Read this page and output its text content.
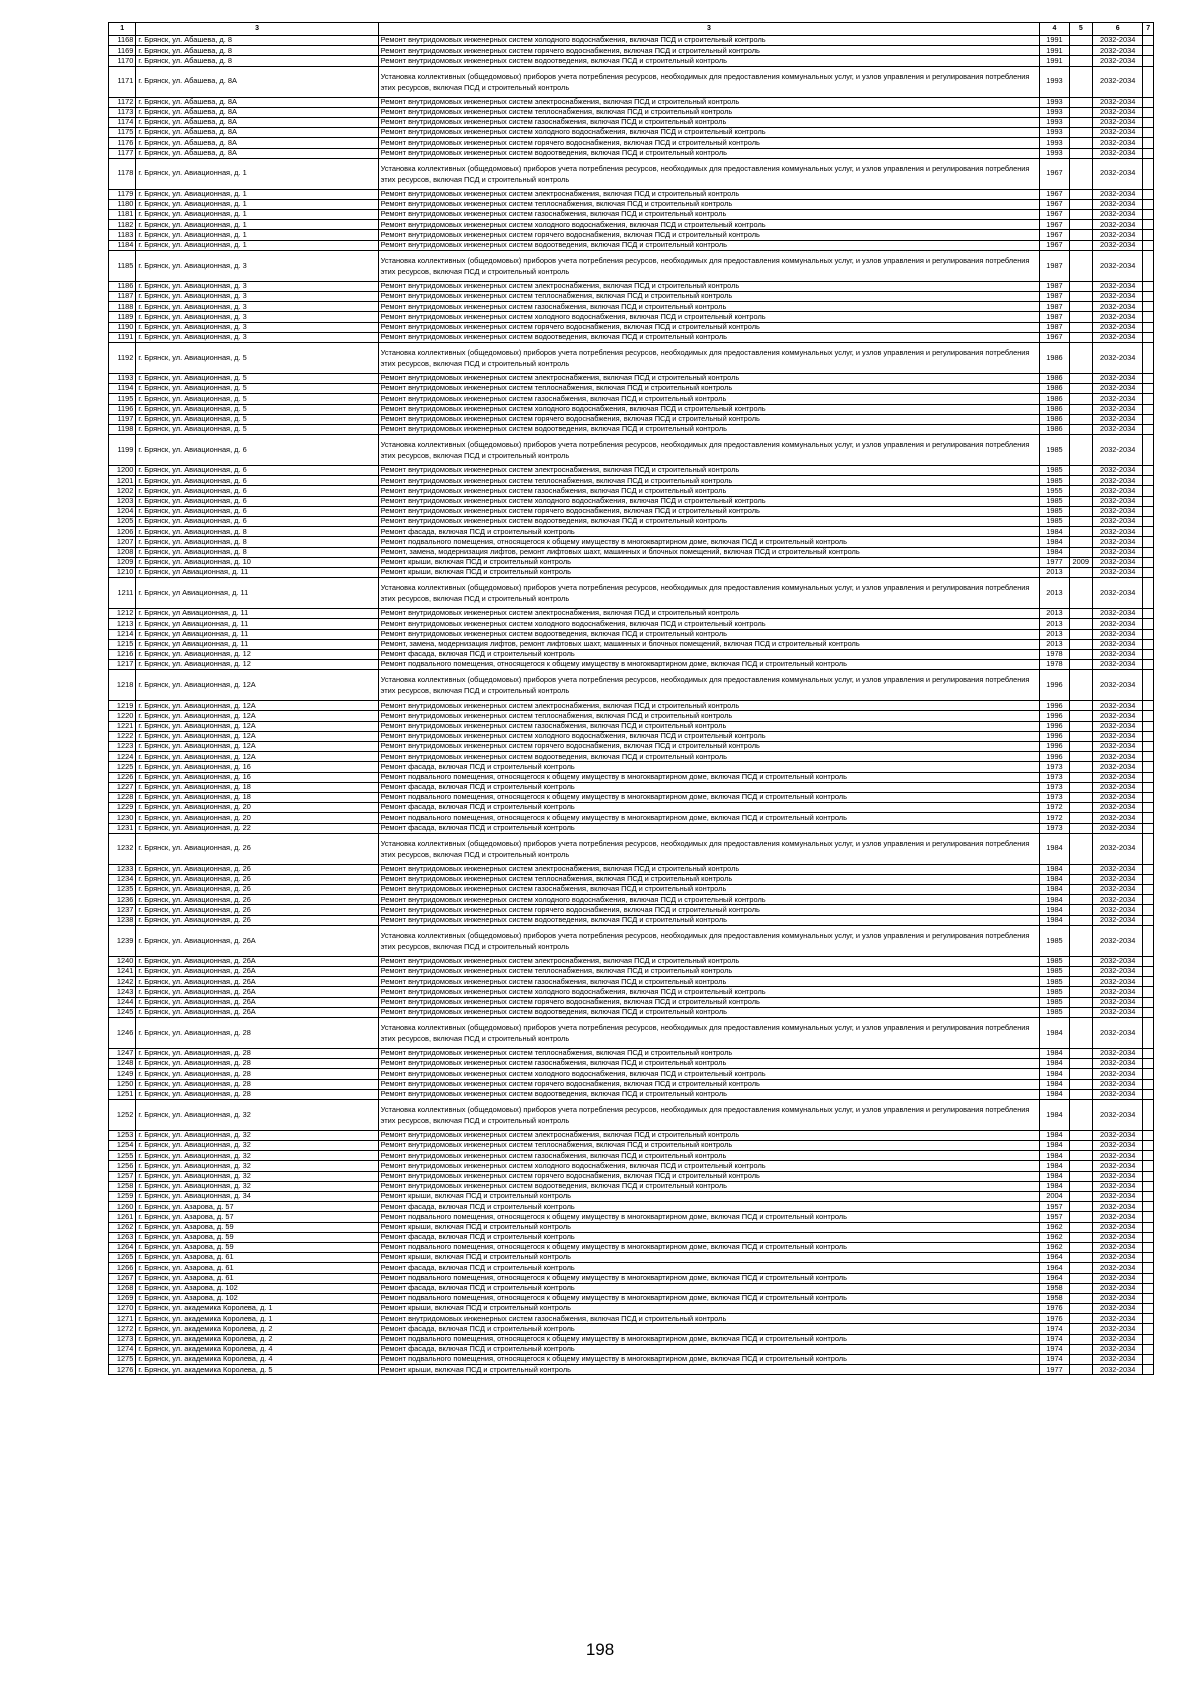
1	3	3	4	5	6	7
1168	г. Брянск, ул. Абашева, д. 8	Ремонт внутридомовых инженерных систем холодного водоснабжения, включая ПСД и строительный контроль	1991		2032-2034	
1169	г. Брянск, ул. Абашева, д. 8	Ремонт внутридомовых инженерных систем горячего водоснабжения, включая ПСД и строительный контроль	1991		2032-2034	
1170	г. Брянск, ул. Абашева, д. 8	Ремонт внутридомовых инженерных систем водоотведения, включая ПСД и строительный контроль	1991		2032-2034	
1171	г. Брянск, ул. Абашева, д. 8А	Установка коллективных (общедомовых) приборов учета потребления ресурсов, необходимых для предоставления коммунальных услуг, и узлов управления и регулирования потребления этих ресурсов, включая ПСД и строительный контроль	1993		2032-2034	
1172	г. Брянск, ул. Абашева, д. 8А	Ремонт внутридомовых инженерных систем электроснабжения, включая ПСД и строительный контроль	1993		2032-2034	
1173	г. Брянск, ул. Абашева, д. 8А	Ремонт внутридомовых инженерных систем теплоснабжения, включая ПСД и строительный контроль	1993		2032-2034	
1174	г. Брянск, ул. Абашева, д. 8А	Ремонт внутридомовых инженерных систем газоснабжения, включая ПСД и строительный контроль	1993		2032-2034	
1175	г. Брянск, ул. Абашева, д. 8А	Ремонт внутридомовых инженерных систем холодного водоснабжения, включая ПСД и строительный контроль	1993		2032-2034	
1176	г. Брянск, ул. Абашева, д. 8А	Ремонт внутридомовых инженерных систем горячего водоснабжения, включая ПСД и строительный контроль	1993		2032-2034	
1177	г. Брянск, ул. Абашева, д. 8А	Ремонт внутридомовых инженерных систем водоотведения, включая ПСД и строительный контроль	1993		2032-2034	
1178	г. Брянск, ул. Авиационная, д. 1	Установка коллективных (общедомовых) приборов учета потребления ресурсов, необходимых для предоставления коммунальных услуг, и узлов управления и регулирования потребления этих ресурсов, включая ПСД и строительный контроль	1967		2032-2034	
1179	г. Брянск, ул. Авиационная, д. 1	Ремонт внутридомовых инженерных систем электроснабжения, включая ПСД и строительный контроль	1967		2032-2034	
1180	г. Брянск, ул. Авиационная, д. 1	Ремонт внутридомовых инженерных систем теплоснабжения, включая ПСД и строительный контроль	1967		2032-2034	
1181	г. Брянск, ул. Авиационная, д. 1	Ремонт внутридомовых инженерных систем газоснабжения, включая ПСД и строительный контроль	1967		2032-2034	
1182	г. Брянск, ул. Авиационная, д. 1	Ремонт внутридомовых инженерных систем холодного водоснабжения, включая ПСД и строительный контроль	1967		2032-2034	
1183	г. Брянск, ул. Авиационная, д. 1	Ремонт внутридомовых инженерных систем горячего водоснабжения, включая ПСД и строительный контроль	1967		2032-2034	
1184	г. Брянск, ул. Авиационная, д. 1	Ремонт внутридомовых инженерных систем водоотведения, включая ПСД и строительный контроль	1967		2032-2034	
1185	г. Брянск, ул. Авиационная, д. 3	Установка коллективных (общедомовых) приборов учета потребления ресурсов, необходимых для предоставления коммунальных услуг, и узлов управления и регулирования потребления этих ресурсов, включая ПСД и строительный контроль	1987		2032-2034	
1186	г. Брянск, ул. Авиационная, д. 3	Ремонт внутридомовых инженерных систем электроснабжения, включая ПСД и строительный контроль	1987		2032-2034	
1187	г. Брянск, ул. Авиационная, д. 3	Ремонт внутридомовых инженерных систем теплоснабжения, включая ПСД и строительный контроль	1987		2032-2034	
1188	г. Брянск, ул. Авиационная, д. 3	Ремонт внутридомовых инженерных систем газоснабжения, включая ПСД и строительный контроль	1987		2032-2034	
1189	г. Брянск, ул. Авиационная, д. 3	Ремонт внутридомовых инженерных систем холодного водоснабжения, включая ПСД и строительный контроль	1987		2032-2034	
1190	г. Брянск, ул. Авиационная, д. 3	Ремонт внутридомовых инженерных систем горячего водоснабжения, включая ПСД и строительный контроль	1987		2032-2034	
1191	г. Брянск, ул. Авиационная, д. 3	Ремонт внутридомовых инженерных систем водоотведения, включая ПСД и строительный контроль	1967		2032-2034	
1192	г. Брянск, ул. Авиационная, д. 5	Установка коллективных (общедомовых) приборов учета потребления ресурсов, необходимых для предоставления коммунальных услуг, и узлов управления и регулирования потребления этих ресурсов, включая ПСД и строительный контроль	1986		2032-2034	
1193	г. Брянск, ул. Авиационная, д. 5	Ремонт внутридомовых инженерных систем электроснабжения, включая ПСД и строительный контроль	1986		2032-2034	
1194	г. Брянск, ул. Авиационная, д. 5	Ремонт внутридомовых инженерных систем теплоснабжения, включая ПСД и строительный контроль	1986		2032-2034	
1195	г. Брянск, ул. Авиационная, д. 5	Ремонт внутридомовых инженерных систем газоснабжения, включая ПСД и строительный контроль	1986		2032-2034	
1196	г. Брянск, ул. Авиационная, д. 5	Ремонт внутридомовых инженерных систем холодного водоснабжения, включая ПСД и строительный контроль	1986		2032-2034	
1197	г. Брянск, ул. Авиационная, д. 5	Ремонт внутридомовых инженерных систем горячего водоснабжения, включая ПСД и строительный контроль	1986		2032-2034	
1198	г. Брянск, ул. Авиационная, д. 5	Ремонт внутридомовых инженерных систем водоотведения, включая ПСД и строительный контроль	1986		2032-2034	
1199	г. Брянск, ул. Авиационная, д. 6	Установка коллективных (общедомовых) приборов учета потребления ресурсов, необходимых для предоставления коммунальных услуг, и узлов управления и регулирования потребления этих ресурсов, включая ПСД и строительный контроль	1985		2032-2034	
1200	г. Брянск, ул. Авиационная, д. 6	Ремонт внутридомовых инженерных систем электроснабжения, включая ПСД и строительный контроль	1985		2032-2034	
1201	г. Брянск, ул. Авиационная, д. 6	Ремонт внутридомовых инженерных систем теплоснабжения, включая ПСД и строительный контроль	1985		2032-2034	
1202	г. Брянск, ул. Авиационная, д. 6	Ремонт внутридомовых инженерных систем газоснабжения, включая ПСД и строительный контроль	1955		2032-2034	
1203	г. Брянск, ул. Авиационная, д. 6	Ремонт внутридомовых инженерных систем холодного водоснабжения, включая ПСД и строительный контроль	1985		2032-2034	
1204	г. Брянск, ул. Авиационная, д. 6	Ремонт внутридомовых инженерных систем горячего водоснабжения, включая ПСД и строительный контроль	1985		2032-2034	
1205	г. Брянск, ул. Авиационная, д. 6	Ремонт внутридомовых инженерных систем водоотведения, включая ПСД и строительный контроль	1985		2032-2034	
1206	г. Брянск, ул. Авиационная, д. 8	Ремонт фасада, включая ПСД и строительный контроль	1984		2032-2034	
1207	г. Брянск, ул. Авиационная, д. 8	Ремонт подвального помещения, относящегося к общему имуществу в многоквартирном доме, включая ПСД и строительный контроль	1984		2032-2034	
1208	г. Брянск, ул. Авиационная, д. 8	Ремонт, замена, модернизация лифтов, ремонт лифтовых шахт, машинных и блочных помещений, включая ПСД и строительный контроль	1984		2032-2034	
1209	г. Брянск, ул. Авиационная, д. 10	Ремонт крыши, включая ПСД и строительный контроль	1977	2009	2032-2034	
1210	г. Брянск, ул Авиационная, д. 11	Ремонт крыши, включая ПСД и строительный контроль	2013		2032-2034	
1211	г. Брянск, ул Авиационная, д. 11	Установка коллективных (общедомовых) приборов учета потребления ресурсов, необходимых для предоставления коммунальных услуг, и узлов управления и регулирования потребления этих ресурсов, включая ПСД и строительный контроль	2013		2032-2034	
1212	г. Брянск, ул Авиационная, д. 11	Ремонт внутридомовых инженерных систем электроснабжения, включая ПСД и строительный контроль	2013		2032-2034	
1213	г. Брянск, ул Авиационная, д. 11	Ремонт внутридомовых инженерных систем холодного водоснабжения, включая ПСД и строительный контроль	2013		2032-2034	
1214	г. Брянск, ул Авиационная, д. 11	Ремонт внутридомовых инженерных систем водоотведения, включая ПСД и строительный контроль	2013		2032-2034	
1215	г. Брянск, ул Авиационная, д. 11	Ремонт, замена, модернизация лифтов, ремонт лифтовых шахт, машинных и блочных помещений, включая ПСД и строительный контроль	2013		2032-2034	
1216	г. Брянск, ул. Авиационная, д. 12	Ремонт фасада, включая ПСД и строительный контроль	1978		2032-2034	
1217	г. Брянск, ул. Авиационная, д. 12	Ремонт подвального помещения, относящегося к общему имуществу в многоквартирном доме, включая ПСД и строительный контроль	1978		2032-2034	
1218	г. Брянск, ул. Авиационная, д. 12А	Установка коллективных (общедомовых) приборов учета потребления ресурсов, необходимых для предоставления коммунальных услуг, и узлов управления и регулирования потребления этих ресурсов, включая ПСД и строительный контроль	1996		2032-2034	
1219	г. Брянск, ул. Авиационная, д. 12А	Ремонт внутридомовых инженерных систем электроснабжения, включая ПСД и строительный контроль	1996		2032-2034	
1220	г. Брянск, ул. Авиационная, д. 12А	Ремонт внутридомовых инженерных систем теплоснабжения, включая ПСД и строительный контроль	1996		2032-2034	
1221	г. Брянск, ул. Авиационная, д. 12А	Ремонт внутридомовых инженерных систем газоснабжения, включая ПСД и строительный контроль	1996		2032-2034	
1222	г. Брянск, ул. Авиационная, д. 12А	Ремонт внутридомовых инженерных систем холодного водоснабжения, включая ПСД и строительный контроль	1996		2032-2034	
1223	г. Брянск, ул. Авиационная, д. 12А	Ремонт внутридомовых инженерных систем горячего водоснабжения, включая ПСД и строительный контроль	1996		2032-2034	
1224	г. Брянск, ул. Авиационная, д. 12А	Ремонт внутридомовых инженерных систем водоотведения, включая ПСД и строительный контроль	1996		2032-2034	
1225	г. Брянск, ул. Авиационная, д. 16	Ремонт фасада, включая ПСД и строительный контроль	1973		2032-2034	
1226	г. Брянск, ул. Авиационная, д. 16	Ремонт подвального помещения, относящегося к общему имуществу в многоквартирном доме, включая ПСД и строительный контроль	1973		2032-2034	
1227	г. Брянск, ул. Авиационная, д. 18	Ремонт фасада, включая ПСД и строительный контроль	1973		2032-2034	
1228	г. Брянск, ул. Авиационная, д. 18	Ремонт подвального помещения, относящегося к общему имуществу в многоквартирном доме, включая ПСД и строительный контроль	1973		2032-2034	
1229	г. Брянск, ул. Авиационная, д. 20	Ремонт фасада, включая ПСД и строительный контроль	1972		2032-2034	
1230	г. Брянск, ул. Авиационная, д. 20	Ремонт подвального помещения, относящегося к общему имуществу в многоквартирном доме, включая ПСД и строительный контроль	1972		2032-2034	
1231	г. Брянск, ул. Авиационная, д. 22	Ремонт фасада, включая ПСД и строительный контроль	1973		2032-2034	
1232	г. Брянск, ул. Авиационная, д. 26	Установка коллективных (общедомовых) приборов учета потребления ресурсов, необходимых для предоставления коммунальных услуг, и узлов управления и регулирования потребления этих ресурсов, включая ПСД и строительный контроль	1984		2032-2034	
1233	г. Брянск, ул. Авиационная, д. 26	Ремонт внутридомовых инженерных систем электроснабжения, включая ПСД и строительный контроль	1984		2032-2034	
1234	г. Брянск, ул. Авиационная, д. 26	Ремонт внутридомовых инженерных систем теплоснабжения, включая ПСД и строительный контроль	1984		2032-2034	
1235	г. Брянск, ул. Авиационная, д. 26	Ремонт внутридомовых инженерных систем газоснабжения, включая ПСД и строительный контроль	1984		2032-2034	
1236	г. Брянск, ул. Авиационная, д. 26	Ремонт внутридомовых инженерных систем холодного водоснабжения, включая ПСД и строительный контроль	1984		2032-2034	
1237	г. Брянск, ул. Авиационная, д. 26	Ремонт внутридомовых инженерных систем горячего водоснабжения, включая ПСД и строительный контроль	1984		2032-2034	
1238	г. Брянск, ул. Авиационная, д. 26	Ремонт внутридомовых инженерных систем водоотведения, включая ПСД и строительный контроль	1984		2032-2034	
1239	г. Брянск, ул. Авиационная, д. 26А	Установка коллективных (общедомовых) приборов учета потребления ресурсов, необходимых для предоставления коммунальных услуг, и узлов управления и регулирования потребления этих ресурсов, включая ПСД и строительный контроль	1985		2032-2034	
1240	г. Брянск, ул. Авиационная, д. 26А	Ремонт внутридомовых инженерных систем электроснабжения, включая ПСД и строительный контроль	1985		2032-2034	
1241	г. Брянск, ул. Авиационная, д. 26А	Ремонт внутридомовых инженерных систем теплоснабжения, включая ПСД и строительный контроль	1985		2032-2034	
1242	г. Брянск, ул. Авиационная, д. 26А	Ремонт внутридомовых инженерных систем газоснабжения, включая ПСД и строительный контроль	1985		2032-2034	
1243	г. Брянск, ул. Авиационная, д. 26А	Ремонт внутридомовых инженерных систем холодного водоснабжения, включая ПСД и строительный контроль	1985		2032-2034	
1244	г. Брянск, ул. Авиационная, д. 26А	Ремонт внутридомовых инженерных систем горячего водоснабжения, включая ПСД и строительный контроль	1985		2032-2034	
1245	г. Брянск, ул. Авиационная, д. 26А	Ремонт внутридомовых инженерных систем водоотведения, включая ПСД и строительный контроль	1985		2032-2034	
1246	г. Брянск, ул. Авиационная, д. 28	Установка коллективных (общедомовых) приборов учета потребления ресурсов, необходимых для предоставления коммунальных услуг, и узлов управления и регулирования потребления этих ресурсов, включая ПСД и строительный контроль	1984		2032-2034	
1247	г. Брянск, ул. Авиационная, д. 28	Ремонт внутридомовых инженерных систем теплоснабжения, включая ПСД и строительный контроль	1984		2032-2034	
1248	г. Брянск, ул. Авиационная, д. 28	Ремонт внутридомовых инженерных систем газоснабжения, включая ПСД и строительный контроль	1984		2032-2034	
1249	г. Брянск, ул. Авиационная, д. 28	Ремонт внутридомовых инженерных систем холодного водоснабжения, включая ПСД и строительный контроль	1984		2032-2034	
1250	г. Брянск, ул. Авиационная, д. 28	Ремонт внутридомовых инженерных систем горячего водоснабжения, включая ПСД и строительный контроль	1984		2032-2034	
1251	г. Брянск, ул. Авиационная, д. 28	Ремонт внутридомовых инженерных систем водоотведения, включая ПСД и строительный контроль	1984		2032-2034	
1252	г. Брянск, ул. Авиационная, д. 32	Установка коллективных (общедомовых) приборов учета потребления ресурсов, необходимых для предоставления коммунальных услуг, и узлов управления и регулирования потребления этих ресурсов, включая ПСД и строительный контроль	1984		2032-2034	
1253	г. Брянск, ул. Авиационная, д. 32	Ремонт внутридомовых инженерных систем электроснабжения, включая ПСД и строительный контроль	1984		2032-2034	
1254	г. Брянск, ул. Авиационная, д. 32	Ремонт внутридомовых инженерных систем теплоснабжения, включая ПСД и строительный контроль	1984		2032-2034	
1255	г. Брянск, ул. Авиационная, д. 32	Ремонт внутридомовых инженерных систем газоснабжения, включая ПСД и строительный контроль	1984		2032-2034	
1256	г. Брянск, ул. Авиационная, д. 32	Ремонт внутридомовых инженерных систем холодного водоснабжения, включая ПСД и строительный контроль	1984		2032-2034	
1257	г. Брянск, ул. Авиационная, д. 32	Ремонт внутридомовых инженерных систем горячего водоснабжения, включая ПСД и строительный контроль	1984		2032-2034	
1258	г. Брянск, ул. Авиационная, д. 32	Ремонт внутридомовых инженерных систем водоотведения, включая ПСД и строительный контроль	1984		2032-2034	
1259	г. Брянск, ул. Авиационная, д. 34	Ремонт крыши, включая ПСД и строительный контроль	2004		2032-2034	
1260	г. Брянск, ул. Азарова, д. 57	Ремонт фасада, включая ПСД и строительный контроль	1957		2032-2034	
1261	г. Брянск, ул. Азарова, д. 57	Ремонт подвального помещения, относящегося к общему имуществу в многоквартирном доме, включая ПСД и строительный контроль	1957		2032-2034	
1262	г. Брянск, ул. Азарова, д. 59	Ремонт крыши, включая ПСД и строительный контроль	1962		2032-2034	
1263	г. Брянск, ул. Азарова, д. 59	Ремонт фасада, включая ПСД и строительный контроль	1962		2032-2034	
1264	г. Брянск, ул. Азарова, д. 59	Ремонт подвального помещения, относящегося к общему имуществу в многоквартирном доме, включая ПСД и строительный контроль	1962		2032-2034	
1265	г. Брянск, ул. Азарова, д. 61	Ремонт крыши, включая ПСД и строительный контроль	1964		2032-2034	
1266	г. Брянск, ул. Азарова, д. 61	Ремонт фасада, включая ПСД и строительный контроль	1964		2032-2034	
1267	г. Брянск, ул. Азарова, д. 61	Ремонт подвального помещения, относящегося к общему имуществу в многоквартирном доме, включая ПСД и строительный контроль	1964		2032-2034	
1268	г. Брянск, ул. Азарова, д. 102	Ремонт фасада, включая ПСД и строительный контроль	1958		2032-2034	
1269	г. Брянск, ул. Азарова, д. 102	Ремонт подвального помещения, относящегося к общему имуществу в многоквартирном доме, включая ПСД и строительный контроль	1958		2032-2034	
1270	г. Брянск, ул. академика Королева, д. 1	Ремонт крыши, включая ПСД и строительный контроль	1976		2032-2034	
1271	г. Брянск, ул. академика Королева, д. 1	Ремонт внутридомовых инженерных систем газоснабжения, включая ПСД и строительный контроль	1976		2032-2034	
1272	г. Брянск, ул. академика Королева, д. 2	Ремонт фасада, включая ПСД и строительный контроль	1974		2032-2034	
1273	г. Брянск, ул. академика Королева, д. 2	Ремонт подвального помещения, относящегося к общему имуществу в многоквартирном доме, включая ПСД и строительный контроль	1974		2032-2034	
1274	г. Брянск, ул. академика Королева, д. 4	Ремонт фасада, включая ПСД и строительный контроль	1974		2032-2034	
1275	г. Брянск, ул. академика Королева, д. 4	Ремонт подвального помещения, относящегося к общему имуществу в многоквартирном доме, включая ПСД и строительный контроль	1974		2032-2034	
1276	г. Брянск, ул. академика Королева, д. 5	Ремонт крыши, включая ПСД и строительный контроль	1977		2032-2034	
198
